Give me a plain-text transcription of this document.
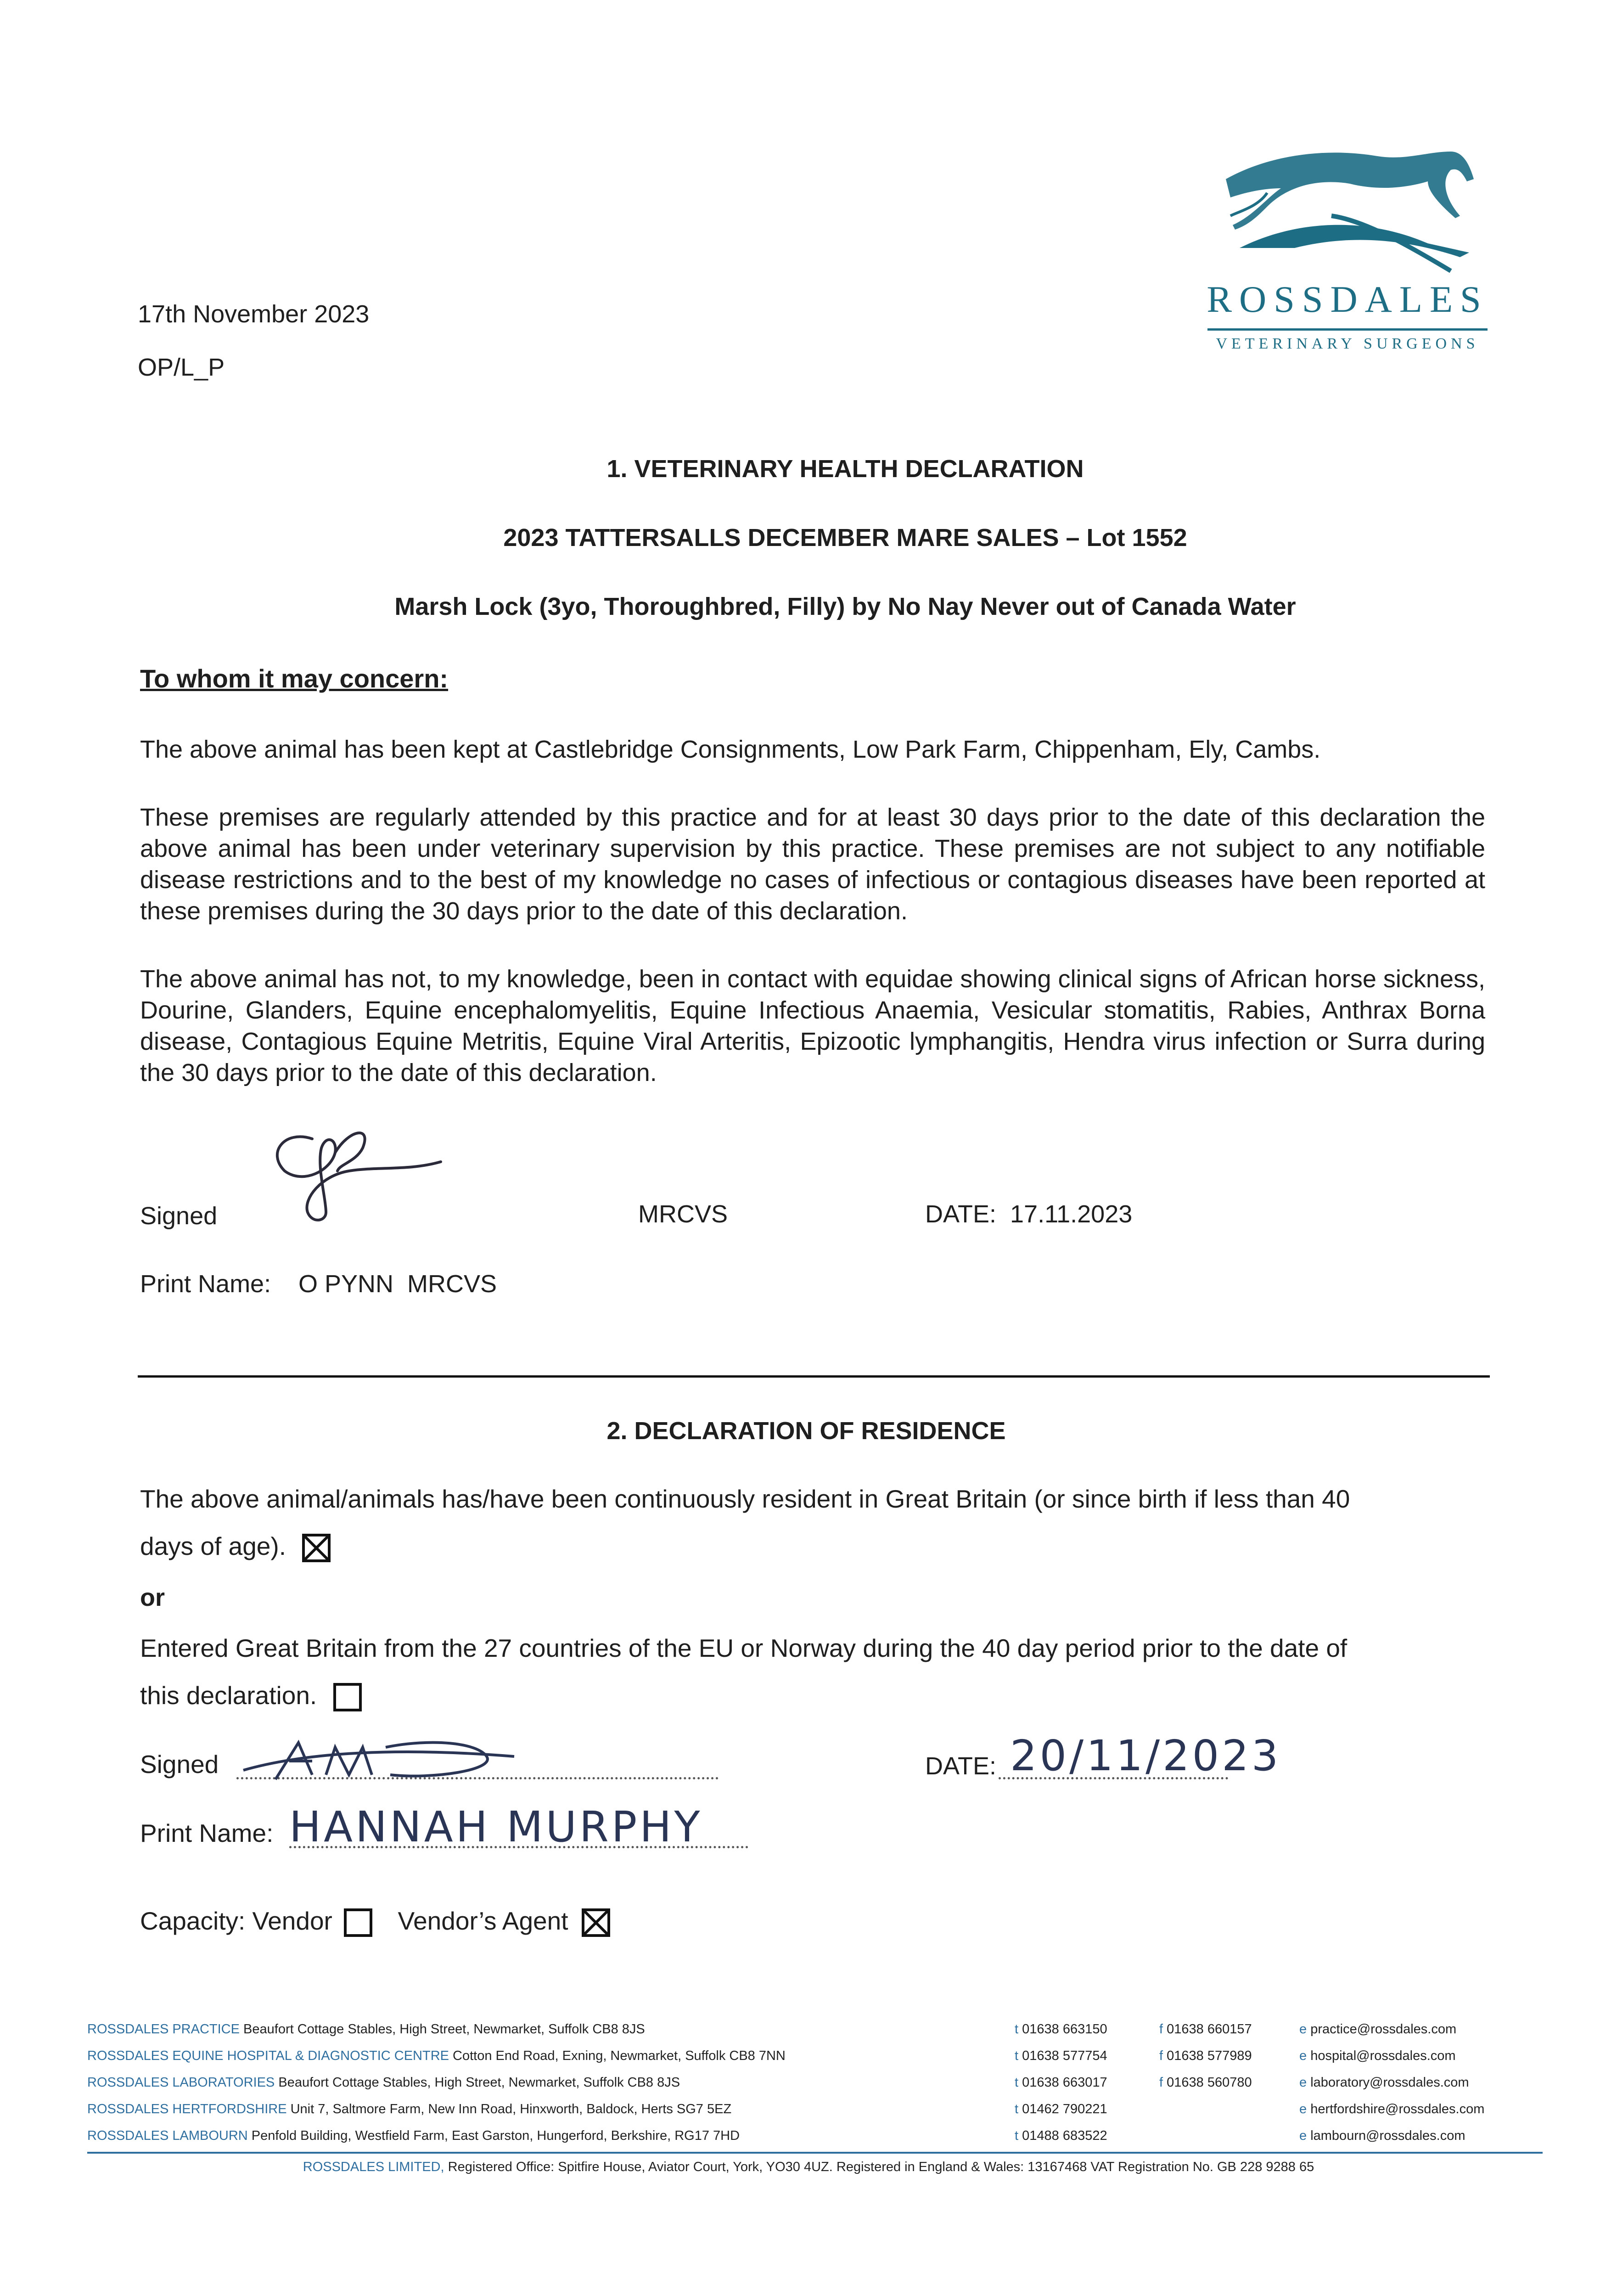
ROSSDALES
VETERINARY SURGEONS
17th November 2023
OP/L_P
1. VETERINARY HEALTH DECLARATION
2023 TATTERSALLS DECEMBER MARE SALES – Lot 1552
Marsh Lock (3yo, Thoroughbred, Filly) by No Nay Never out of Canada Water
To whom it may concern:
The above animal has been kept at Castlebridge Consignments, Low Park Farm, Chippenham, Ely, Cambs.
These premises are regularly attended by this practice and for at least 30 days prior to the date of this declaration the above animal has been under veterinary supervision by this practice. These premises are not subject to any notifiable disease restrictions and to the best of my knowledge no cases of infectious or contagious diseases have been reported at these premises during the 30 days prior to the date of this declaration.
The above animal has not, to my knowledge, been in contact with equidae showing clinical signs of African horse sickness, Dourine, Glanders, Equine encephalomyelitis, Equine Infectious Anaemia, Vesicular stomatitis, Rabies, Anthrax Borna disease, Contagious Equine Metritis, Equine Viral Arteritis, Epizootic lymphangitis, Hendra virus infection or Surra during the 30 days prior to the date of this declaration.
Signed	MRCVS	DATE: 17.11.2023
Print Name: O PYNN  MRCVS
2. DECLARATION OF RESIDENCE
The above animal/animals has/have been continuously resident in Great Britain (or since birth if less than 40
days of age).
or
Entered Great Britain from the 27 countries of the EU or Norway during the 40 day period prior to the date of
this declaration.
Signed	DATE: 20/11/2023
Print Name: HANNAH MURPHY
Capacity: Vendor	Vendor’s Agent
ROSSDALES PRACTICE Beaufort Cottage Stables, High Street, Newmarket, Suffolk CB8 8JS	t 01638 663150	f 01638 660157	e practice@rossdales.com
ROSSDALES EQUINE HOSPITAL & DIAGNOSTIC CENTRE Cotton End Road, Exning, Newmarket, Suffolk CB8 7NN	t 01638 577754	f 01638 577989	e hospital@rossdales.com
ROSSDALES LABORATORIES Beaufort Cottage Stables, High Street, Newmarket, Suffolk CB8 8JS	t 01638 663017	f 01638 560780	e laboratory@rossdales.com
ROSSDALES HERTFORDSHIRE Unit 7, Saltmore Farm, New Inn Road, Hinxworth, Baldock, Herts SG7 5EZ	t 01462 790221	e hertfordshire@rossdales.com
ROSSDALES LAMBOURN Penfold Building, Westfield Farm, East Garston, Hungerford, Berkshire, RG17 7HD	t 01488 683522	e lambourn@rossdales.com
ROSSDALES LIMITED, Registered Office: Spitfire House, Aviator Court, York, YO30 4UZ. Registered in England & Wales: 13167468 VAT Registration No. GB 228 9288 65
